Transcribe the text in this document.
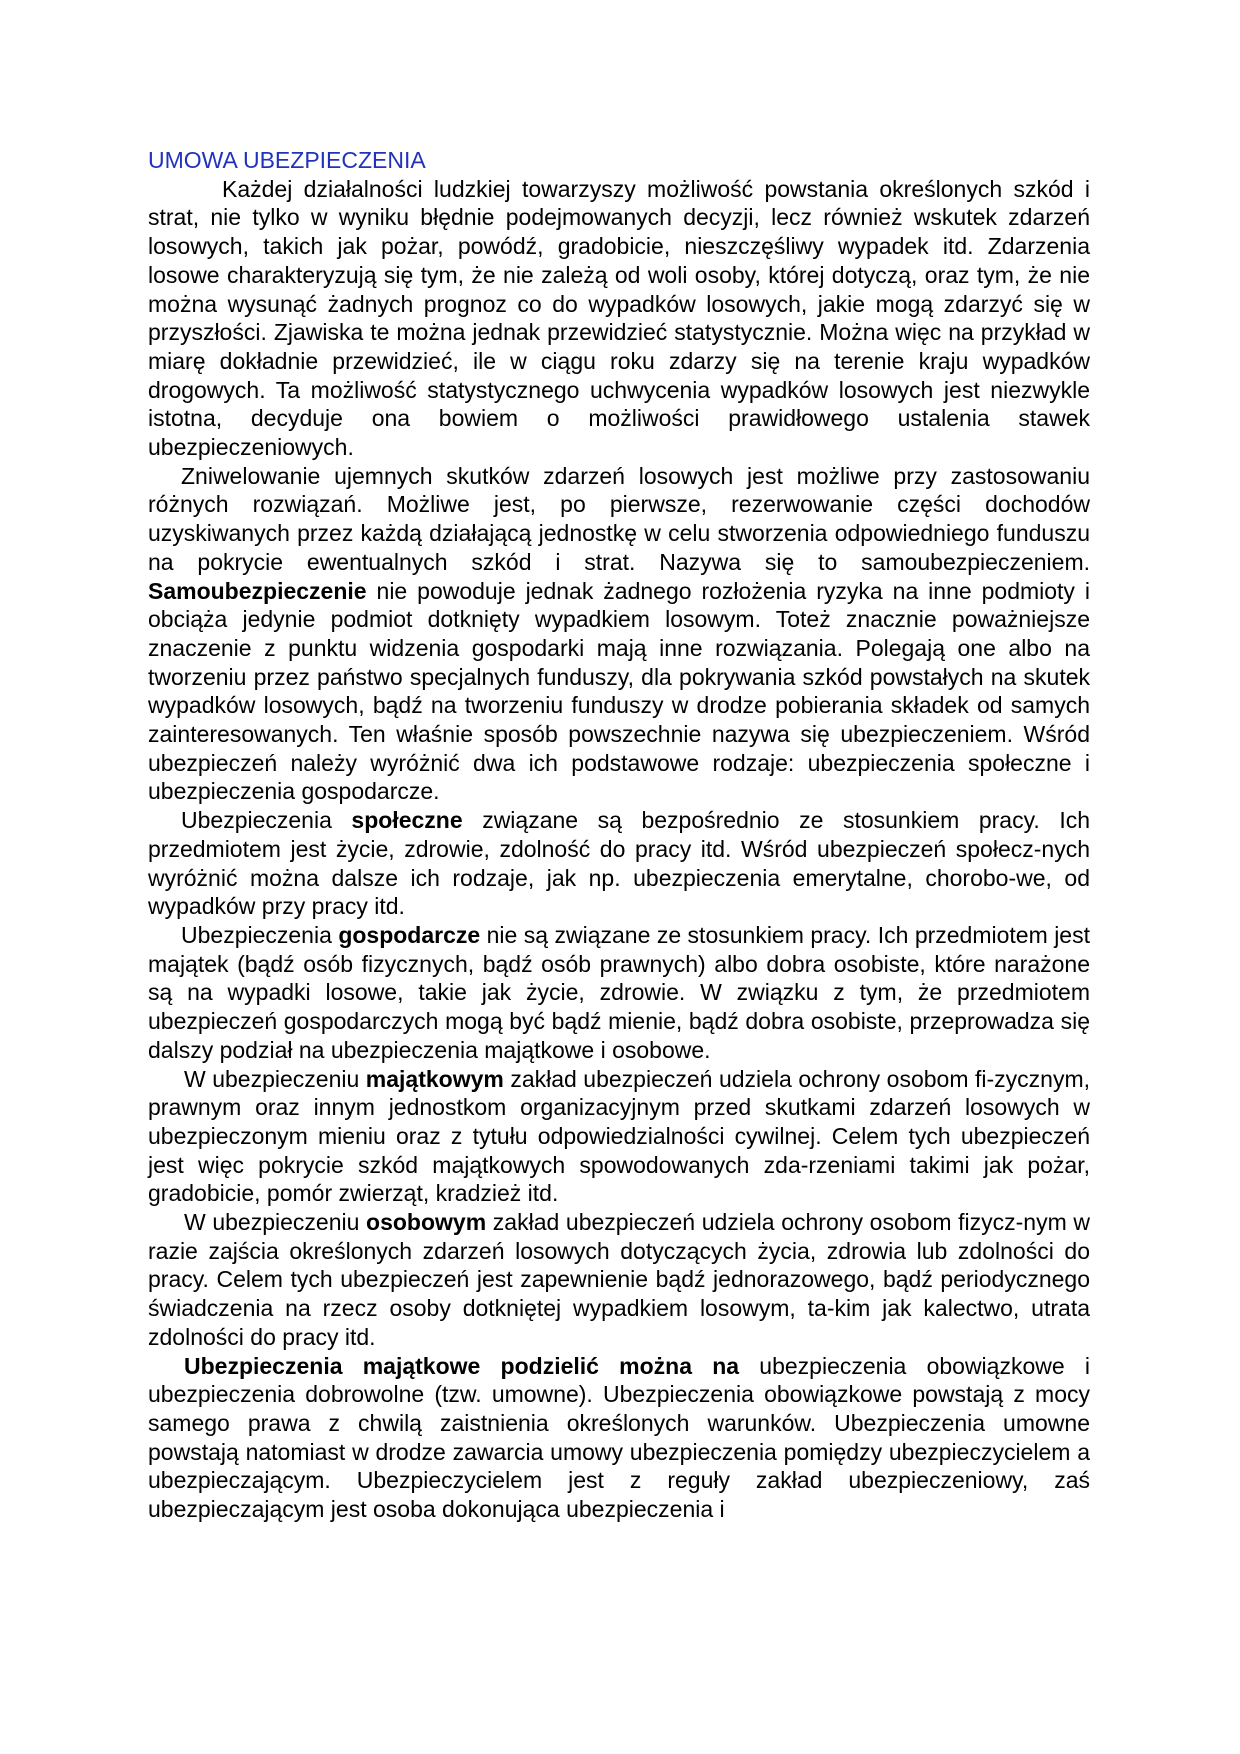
UMOWA UBEZPIECZENIA

Każdej działalności ludzkiej towarzyszy możliwość powstania określonych szkód i strat, nie tylko w wyniku błędnie podejmowanych decyzji, lecz również wskutek zdarzeń losowych, takich jak pożar, powódź, gradobicie, nieszczęśliwy wypadek itd. Zdarzenia losowe charakteryzują się tym, że nie zależą od woli osoby, której dotyczą, oraz tym, że nie można wysunąć żadnych prognoz co do wypadków losowych, jakie mogą zdarzyć się w przyszłości. Zjawiska te można jednak przewidzieć statystycznie. Można więc na przykład w miarę dokładnie przewidzieć, ile w ciągu roku zdarzy się na terenie kraju wypadków drogowych. Ta możliwość statystycznego uchwycenia wypadków losowych jest niezwykle istotna, decyduje ona bowiem o możliwości prawidłowego ustalenia stawek ubezpieczeniowych.

Zniwelowanie ujemnych skutków zdarzeń losowych jest możliwe przy zastosowaniu różnych rozwiązań. Możliwe jest, po pierwsze, rezerwowanie części dochodów uzyskiwanych przez każdą działającą jednostkę w celu stworzenia odpowiedniego funduszu na pokrycie ewentualnych szkód i strat. Nazywa się to samoubezpieczeniem. Samoubezpieczenie nie powoduje jednak żadnego rozłożenia ryzyka na inne podmioty i obciąża jedynie podmiot dotknięty wypadkiem losowym. Toteż znacznie poważniejsze znaczenie z punktu widzenia gospodarki mają inne rozwiązania. Polegają one albo na tworzeniu przez państwo specjalnych funduszy, dla pokrywania szkód powstałych na skutek wypadków losowych, bądź na tworzeniu funduszy w drodze pobierania składek od samych zainteresowanych. Ten właśnie sposób powszechnie nazywa się ubezpieczeniem. Wśród ubezpieczeń należy wyróżnić dwa ich podstawowe rodzaje: ubezpieczenia społeczne i ubezpieczenia gospodarcze.

Ubezpieczenia społeczne związane są bezpośrednio ze stosunkiem pracy. Ich przedmiotem jest życie, zdrowie, zdolność do pracy itd. Wśród ubezpieczeń społecz-nych wyróżnić można dalsze ich rodzaje, jak np. ubezpieczenia emerytalne, chorobo-we, od wypadków przy pracy itd.

Ubezpieczenia gospodarcze nie są związane ze stosunkiem pracy. Ich przedmiotem jest majątek (bądź osób fizycznych, bądź osób prawnych) albo dobra osobiste, które narażone są na wypadki losowe, takie jak życie, zdrowie. W związku z tym, że przedmiotem ubezpieczeń gospodarczych mogą być bądź mienie, bądź dobra osobiste, przeprowadza się dalszy podział na ubezpieczenia majątkowe i osobowe.

W ubezpieczeniu majątkowym zakład ubezpieczeń udziela ochrony osobom fi-zycznym, prawnym oraz innym jednostkom organizacyjnym przed skutkami zdarzeń losowych w ubezpieczonym mieniu oraz z tytułu odpowiedzialności cywilnej. Celem tych ubezpieczeń jest więc pokrycie szkód majątkowych spowodowanych zda-rzeniami takimi jak pożar, gradobicie, pomór zwierząt, kradzież itd.

W ubezpieczeniu osobowym zakład ubezpieczeń udziela ochrony osobom fizycz-nym w razie zajścia określonych zdarzeń losowych dotyczących życia, zdrowia lub zdolności do pracy. Celem tych ubezpieczeń jest zapewnienie bądź jednorazowego, bądź periodycznego świadczenia na rzecz osoby dotkniętej wypadkiem losowym, ta-kim jak kalectwo, utrata zdolności do pracy itd.

Ubezpieczenia majątkowe podzielić można na ubezpieczenia obowiązkowe i ubezpieczenia dobrowolne (tzw. umowne). Ubezpieczenia obowiązkowe powstają z mocy samego prawa z chwilą zaistnienia określonych warunków. Ubezpieczenia umowne powstają natomiast w drodze zawarcia umowy ubezpieczenia pomiędzy ubezpieczycielem a ubezpieczającym. Ubezpieczycielem jest z reguły zakład ubezpieczeniowy, zaś ubezpieczającym jest osoba dokonująca ubezpieczenia i
